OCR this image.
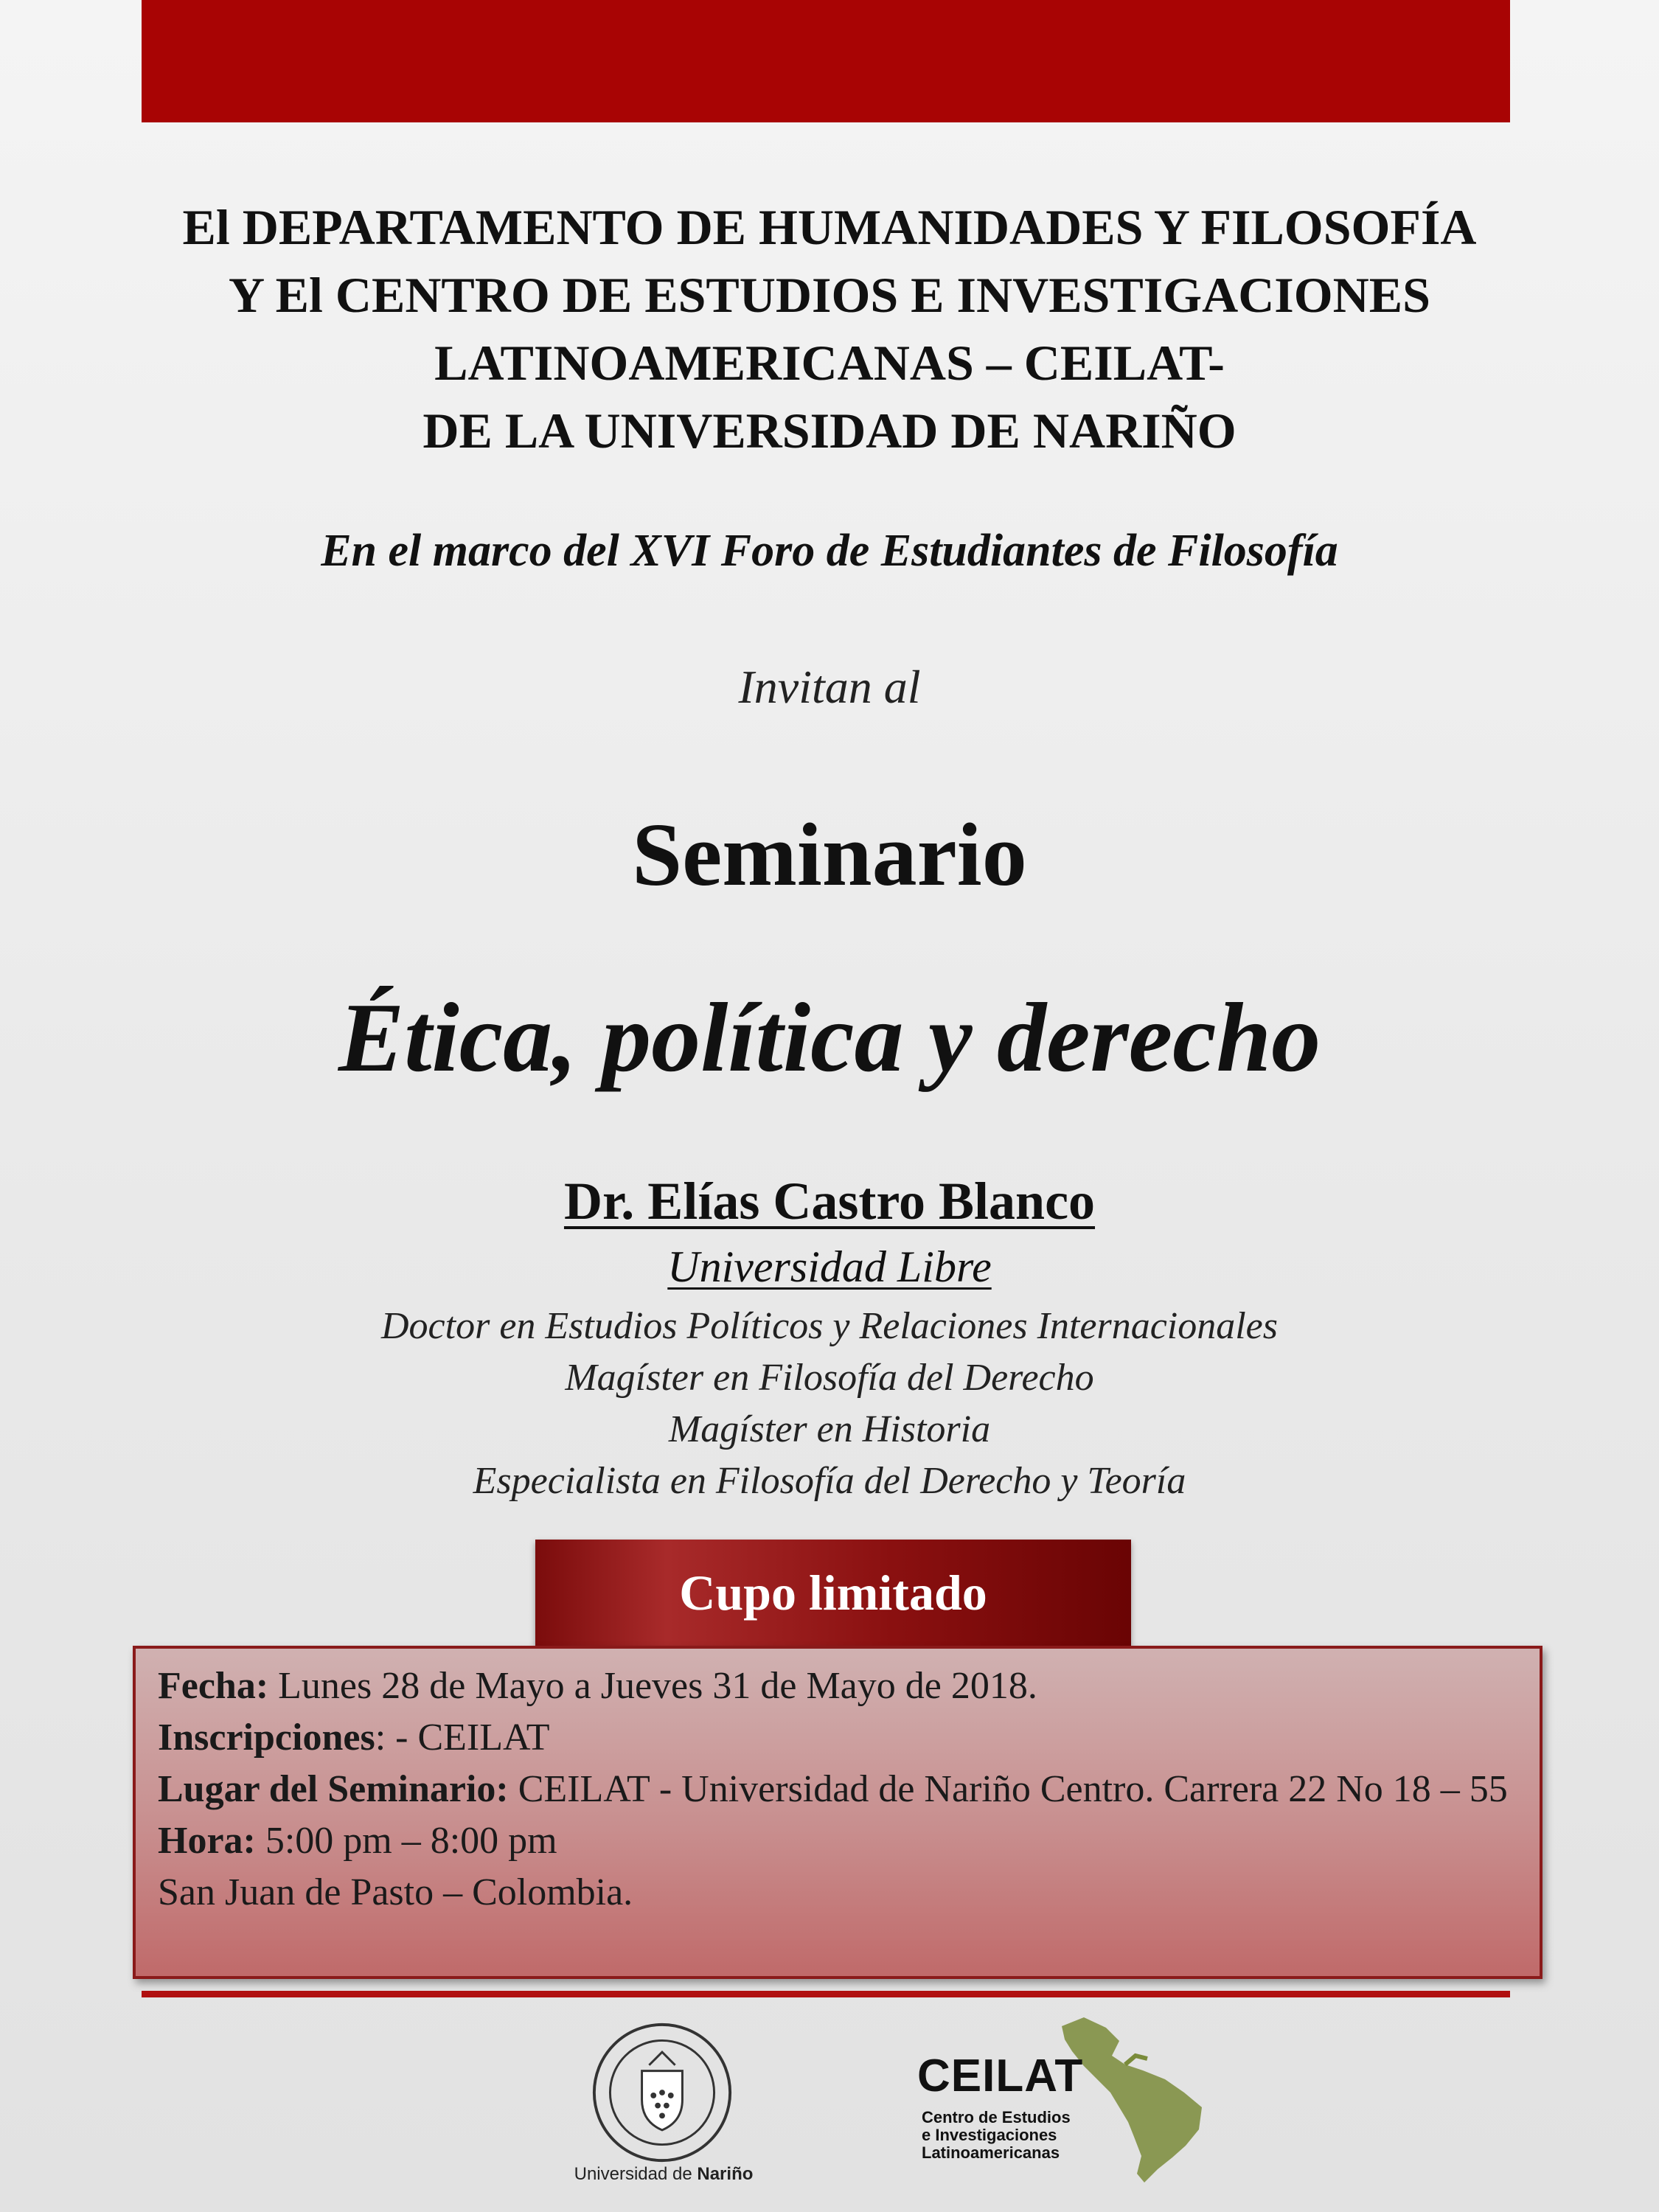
El DEPARTAMENTO DE HUMANIDADES Y FILOSOFÍA
Y El CENTRO DE ESTUDIOS E INVESTIGACIONES
LATINOAMERICANAS – CEILAT-
DE LA UNIVERSIDAD DE NARIÑO
En el marco del XVI Foro de Estudiantes de Filosofía
Invitan al
Seminario
Ética, política y derecho
Dr. Elías Castro Blanco
Universidad Libre
Doctor en Estudios Políticos y Relaciones Internacionales
Magíster en Filosofía del Derecho
Magíster en Historia
Especialista en Filosofía del Derecho y Teoría
Cupo limitado
Fecha: Lunes 28 de Mayo a Jueves 31 de Mayo de 2018.
Inscripciones: - CEILAT
Lugar del Seminario: CEILAT - Universidad de Nariño Centro. Carrera 22 No 18 – 55
Hora: 5:00 pm – 8:00 pm
San Juan de Pasto – Colombia.
Universidad de Nariño
CEILAT
Centro de Estudios
e Investigaciones
Latinoamericanas
